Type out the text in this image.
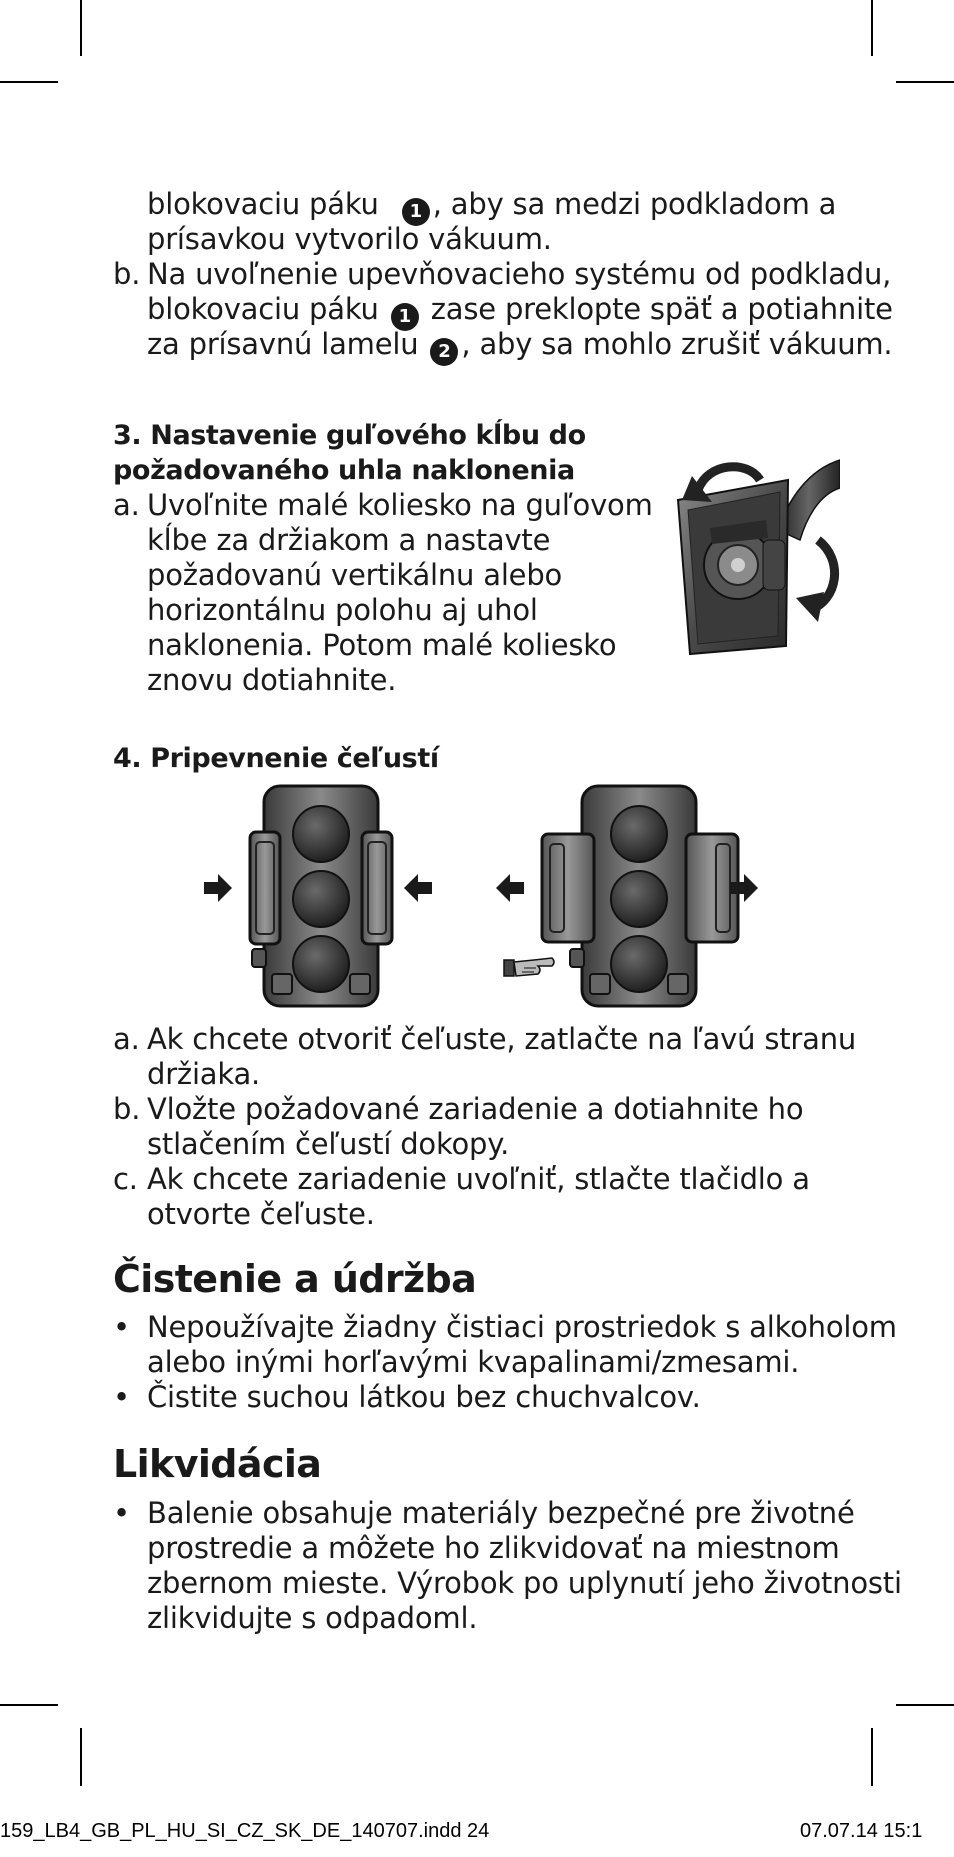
blokovaciu páku 1 , aby sa medzi podkladom a
prísavkou vytvorilo vákuum.
b. Na uvoľnenie upevňovacieho systému od podkladu,
blokovaciu páku 1 zase preklopte späť a potiahnite
za prísavnú lamelu 2 , aby sa mohlo zrušiť vákuum.
3. Nastavenie guľového kĺbu do
požadovaného uhla naklonenia
a. Uvoľnite malé koliesko na guľovom
kĺbe za držiakom a nastavte
požadovanú vertikálnu alebo
horizontálnu polohu aj uhol
naklonenia. Potom malé koliesko
znovu dotiahnite.
4. Pripevnenie čeľustí
a. Ak chcete otvoriť čeľuste, zatlačte na ľavú stranu
držiaka.
b. Vložte požadované zariadenie a dotiahnite ho
stlačením čeľustí dokopy.
c. Ak chcete zariadenie uvoľniť, stlačte tlačidlo a
otvorte čeľuste.
Čistenie a údržba
• Nepoužívajte žiadny čistiaci prostriedok s alkoholom
alebo inými horľavými kvapalinami/zmesami.
• Čistite suchou látkou bez chuchvalcov.
Likvidácia
• Balenie obsahuje materiály bezpečné pre životné
prostredie a môžete ho zlikvidovať na miestnom
zbernom mieste. Výrobok po uplynutí jeho životnosti
zlikvidujte s odpadoml.
159_LB4_GB_PL_HU_SI_CZ_SK_DE_140707.indd 24	07.07.14 15:1
